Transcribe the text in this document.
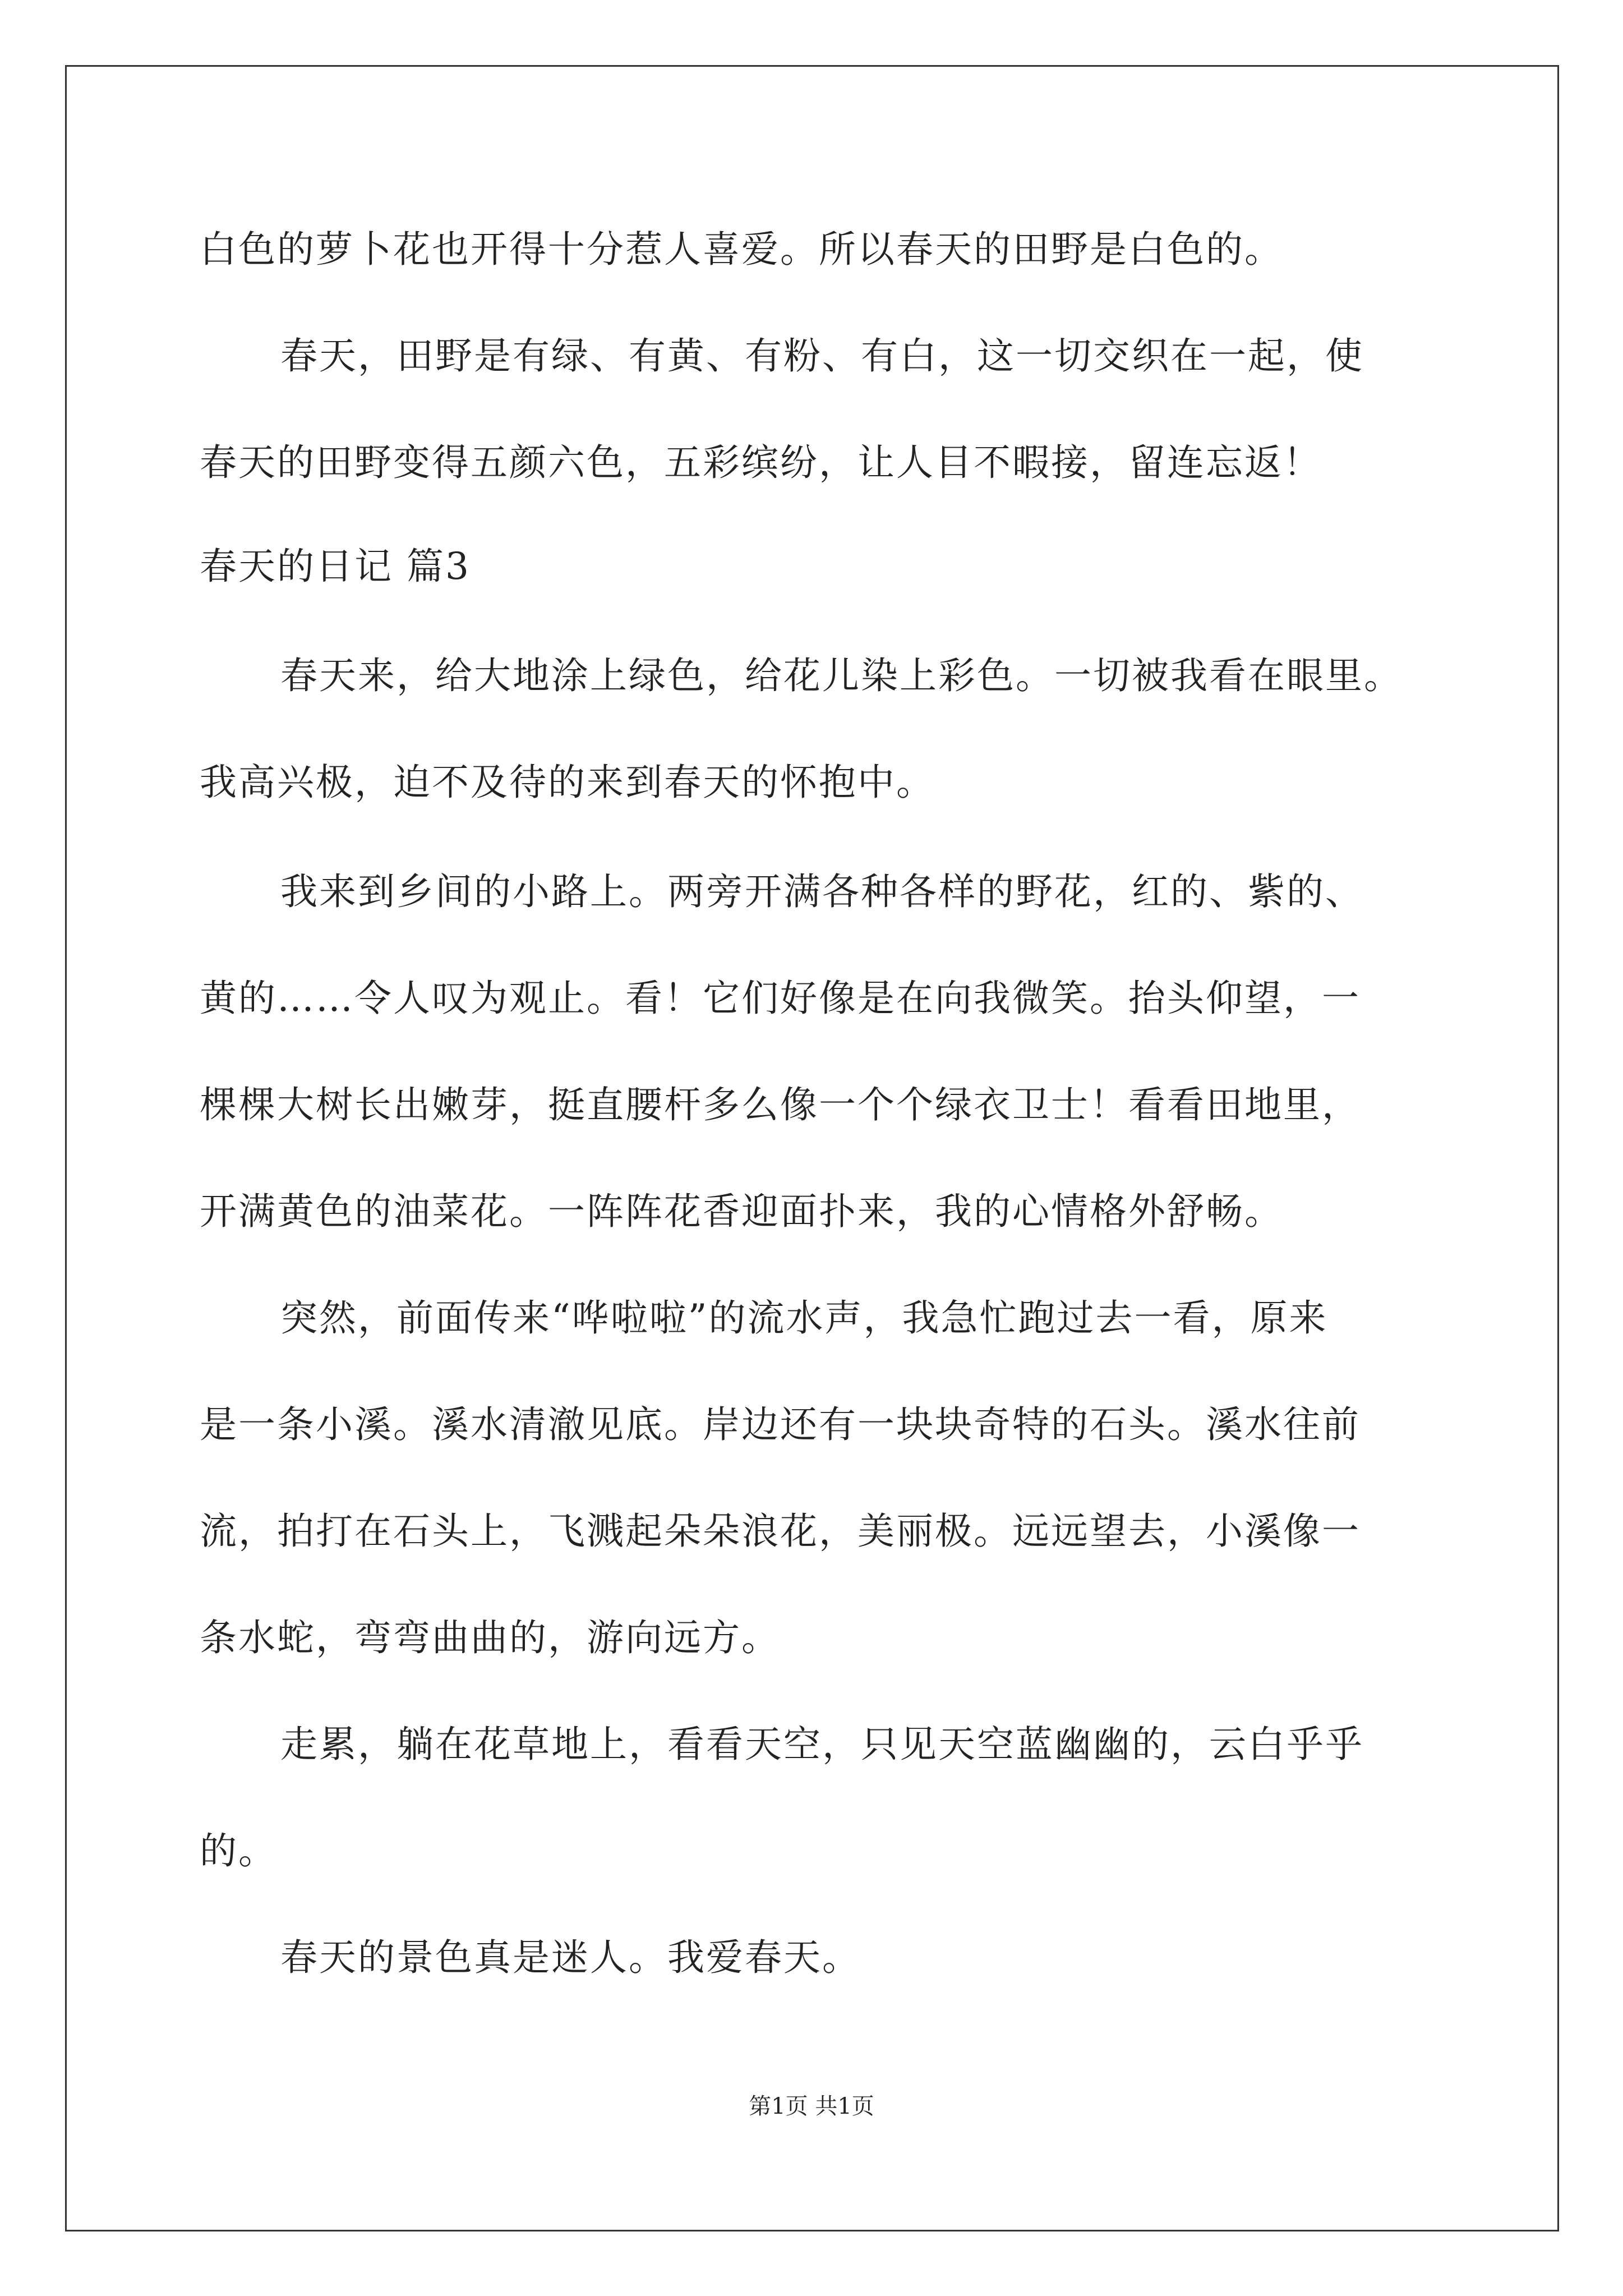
白色的萝卜花也开得十分惹人喜爱。所以春天的田野是白色的。
春天，田野是有绿、有黄、有粉、有白，这一切交织在一起，使
春天的田野变得五颜六色，五彩缤纷，让人目不暇接，留连忘返！
春天的日记 篇3
春天来，给大地涂上绿色，给花儿染上彩色。一切被我看在眼里。
我高兴极，迫不及待的来到春天的怀抱中。
我来到乡间的小路上。两旁开满各种各样的野花，红的、紫的、
黄的……令人叹为观止。看！它们好像是在向我微笑。抬头仰望，一
棵棵大树长出嫩芽，挺直腰杆多么像一个个绿衣卫士！看看田地里，
开满黄色的油菜花。一阵阵花香迎面扑来，我的心情格外舒畅。
突然，前面传来“哗啦啦”的流水声，我急忙跑过去一看，原来
是一条小溪。溪水清澈见底。岸边还有一块块奇特的石头。溪水往前
流，拍打在石头上，飞溅起朵朵浪花，美丽极。远远望去，小溪像一
条水蛇，弯弯曲曲的，游向远方。
走累，躺在花草地上，看看天空，只见天空蓝幽幽的，云白乎乎
的。
春天的景色真是迷人。我爱春天。
第1页 共1页
